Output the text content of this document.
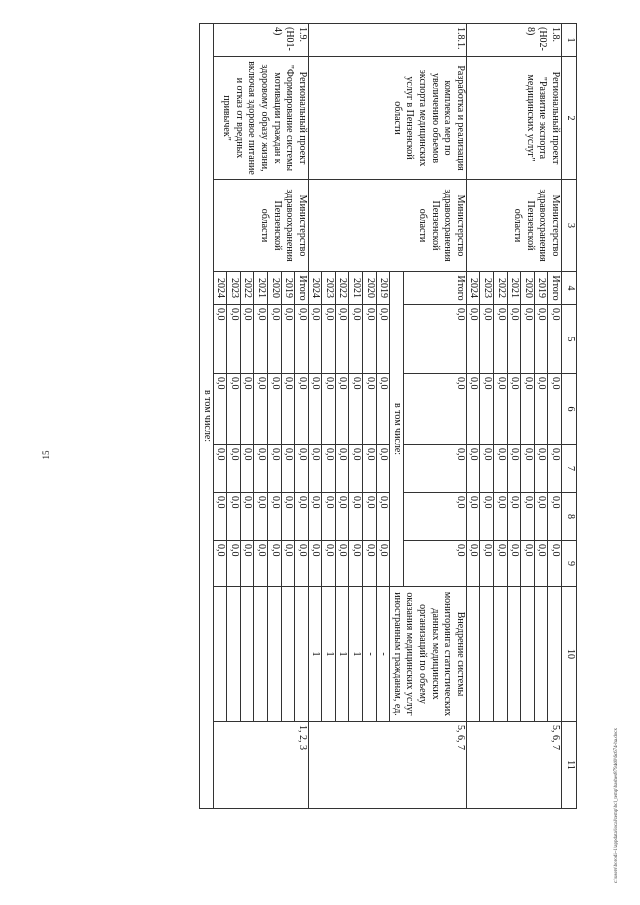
15
1	2	3	4	5	6	7	8	9	10	11
1.8. (Н02-8)	Региональный проект "Развитие экспорта медицинских услуг"	Министерство здравоохранения Пензенской области	Итого	0,0	0,0	0,0	0,0	0,0		5, 6, 7
			2019	0,0	0,0	0,0	0,0	0,0		
			2020	0,0	0,0	0,0	0,0	0,0		
			2021	0,0	0,0	0,0	0,0	0,0		
			2022	0,0	0,0	0,0	0,0	0,0		
			2023	0,0	0,0	0,0	0,0	0,0		
			2024	0,0	0,0	0,0	0,0	0,0		
1.8.1.	Разработка и реализация комплекса мер по увеличению объемов экспорта медицинских услуг в Пензенской области	Министерство здравоохранения Пензенской области	Итого	0,0	0,0	0,0	0,0	0,0	Внедрение системы мониторинга статистических данных медицинских организаций по объему оказания медицинских услуг иностранным гражданам, ед.	5, 6, 7
			в том числе:							
			2019	0,0	0,0	0,0	0,0	0,0	-	
			2020	0,0	0,0	0,0	0,0	0,0	-	
			2021	0,0	0,0	0,0	0,0	0,0	1	
			2022	0,0	0,0	0,0	0,0	0,0	1	
			2023	0,0	0,0	0,0	0,0	0,0	1	
			2024	0,0	0,0	0,0	0,0	0,0	1	
1.9. (Н01-4)	Региональный проект "Формирование системы мотивации граждан к здоровому образу жизни, включая здоровое питание и отказ от вредных привычек"	Министерство здравоохранения Пензенской области	Итого	0,0	0,0	0,0	0,0	0,0		1, 2, 3
			2019	0,0	0,0	0,0	0,0	0,0		
			2020	0,0	0,0	0,0	0,0	0,0		
			2021	0,0	0,0	0,0	0,0	0,0		
			2022	0,0	0,0	0,0	0,0	0,0		
			2023	0,0	0,0	0,0	0,0	0,0		
			2024	0,0	0,0	0,0	0,0	0,0		
в том числе:										
c:\users\borodi~1\appdata\local\temp\bcl_temp\bashes8794d0\6c674-ha.docx
